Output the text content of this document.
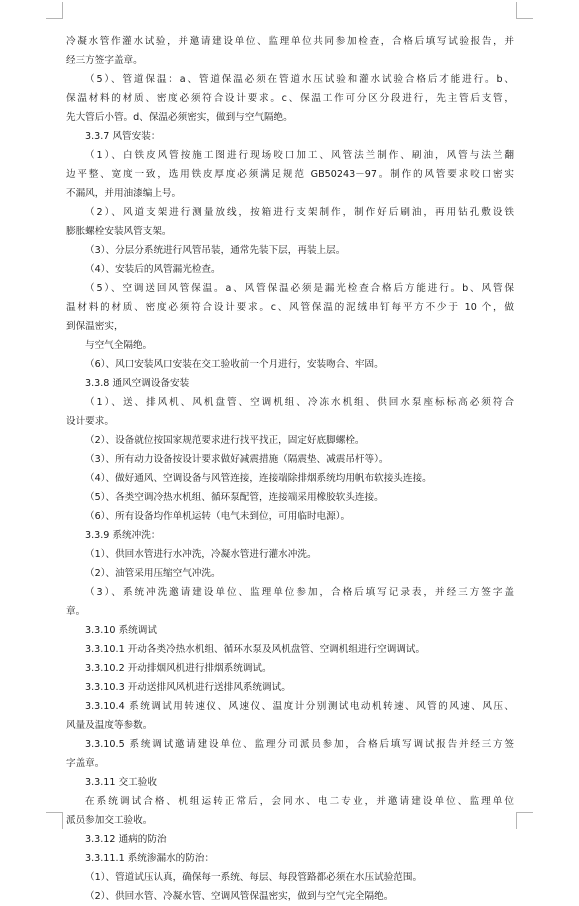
冷凝水管作灌水试验，并邀请建设单位、监理单位共同参加检查，合格后填写试验报告，并
经三方签字盖章。
（5）、管道保温：a、管道保温必须在管道水压试验和灌水试验合格后才能进行。b、
保温材料的材质、密度必须符合设计要求。c、保温工作可分区分段进行，先主管后支管，
先大管后小管。d、保温必须密实，做到与空气隔绝。
3.3.7 风管安装：
（1）、白铁皮风管按施工图进行现场咬口加工、风管法兰制作、刷油，风管与法兰翻
边平整、宽度一致，选用铁皮厚度必须满足规范 GB50243－97。制作的风管要求咬口密实
不漏风，并用油漆编上号。
（2）、风道支架进行测量放线，按箱进行支架制作，制作好后刷油，再用钻孔敷设铁
膨胀螺栓安装风管支架。
（3）、分层分系统进行风管吊装，通常先装下层，再装上层。
（4）、安装后的风管漏光检查。
（5）、空调送回风管保温。a、风管保温必须是漏光检查合格后方能进行。b、风管保
温材料的材质、密度必须符合设计要求。c、风管保温的泥绒串钉每平方不少于 10 个，做
到保温密实，
与空气全隔绝。
（6）、风口安装风口安装在交工验收前一个月进行，安装吻合、牢固。
3.3.8 通风空调设备安装
（1）、送、排风机、风机盘管、空调机组、冷冻水机组、供回水泵座标标高必须符合
设计要求。
（2）、设备就位按国家规范要求进行找平找正，固定好底脚螺栓。
（3）、所有动力设备按设计要求做好减震措施（隔震垫、减震吊杆等）。
（4）、做好通风、空调设备与风管连接，连接端除排烟系统均用帆布软接头连接。
（5）、各类空调冷热水机组、循环泵配管，连接端采用橡胶软头连接。
（6）、所有设备均作单机运转（电气未到位，可用临时电源）。
3.3.9 系统冲洗：
（1）、供回水管进行水冲洗，冷凝水管进行灌水冲洗。
（2）、油管采用压缩空气冲洗。
（3）、系统冲洗邀请建设单位、监理单位参加，合格后填写记录表，并经三方签字盖
章。
3.3.10 系统调试
3.3.10.1 开动各类冷热水机组、循环水泵及风机盘管、空调机组进行空调调试。
3.3.10.2 开动排烟风机进行排烟系统调试。
3.3.10.3 开动送排风风机进行送排风系统调试。
3.3.10.4 系统调试用转速仪、风速仪、温度计分别测试电动机转速、风管的风速、风压、
风量及温度等参数。
3.3.10.5 系统调试邀请建设单位、监理分司派员参加，合格后填写调试报告并经三方签
字盖章。
3.3.11 交工验收
在系统调试合格、机组运转正常后，会同水、电二专业，并邀请建设单位、监理单位
派员参加交工验收。
3.3.12 通病的防治
3.3.11.1 系统渗漏水的防治：
（1）、管道试压认真，确保每一系统、每层、每段管路都必须在水压试验范围。
（2）、供回水管、冷凝水管、空调风管保温密实，做到与空气完全隔绝。
